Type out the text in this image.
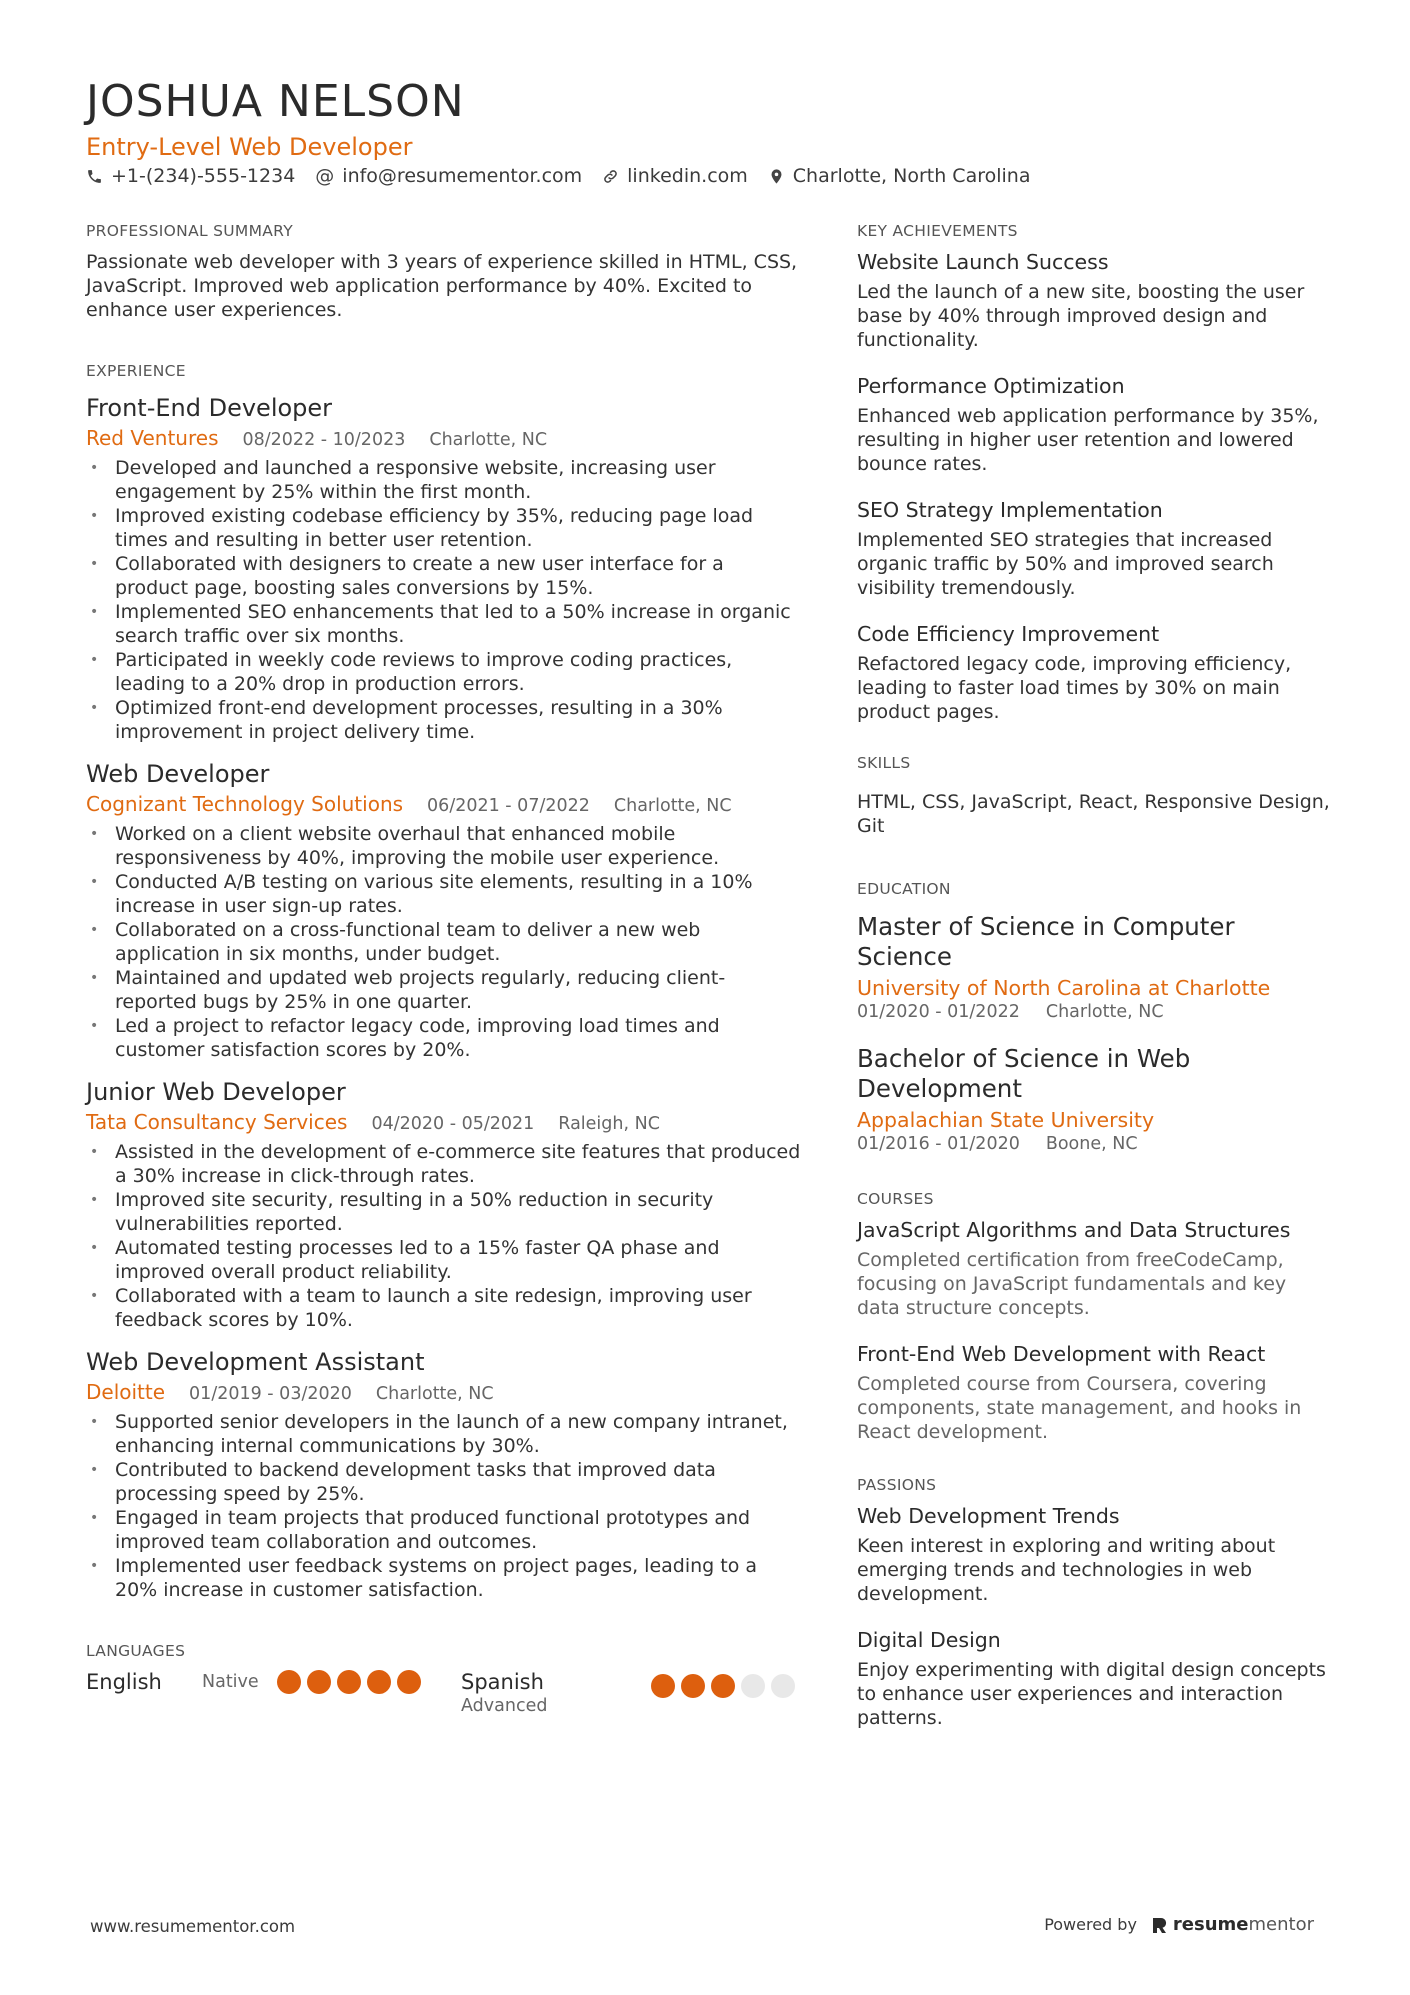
JOSHUA NELSON
Entry-Level Web Developer
+1-(234)-555-1234 @ info@resumementor.com linkedin.com Charlotte, North Carolina
PROFESSIONAL SUMMARY
Passionate web developer with 3 years of experience skilled in HTML, CSS, JavaScript. Improved web application performance by 40%. Excited to enhance user experiences.
EXPERIENCE
Front-End Developer
Red Ventures 08/2022 - 10/2023 Charlotte, NC
• Developed and launched a responsive website, increasing user engagement by 25% within the first month.
• Improved existing codebase efficiency by 35%, reducing page load times and resulting in better user retention.
• Collaborated with designers to create a new user interface for a product page, boosting sales conversions by 15%.
• Implemented SEO enhancements that led to a 50% increase in organic search traffic over six months.
• Participated in weekly code reviews to improve coding practices, leading to a 20% drop in production errors.
• Optimized front-end development processes, resulting in a 30% improvement in project delivery time.
Web Developer
Cognizant Technology Solutions 06/2021 - 07/2022 Charlotte, NC
• Worked on a client website overhaul that enhanced mobile responsiveness by 40%, improving the mobile user experience.
• Conducted A/B testing on various site elements, resulting in a 10% increase in user sign-up rates.
• Collaborated on a cross-functional team to deliver a new web application in six months, under budget.
• Maintained and updated web projects regularly, reducing client-reported bugs by 25% in one quarter.
• Led a project to refactor legacy code, improving load times and customer satisfaction scores by 20%.
Junior Web Developer
Tata Consultancy Services 04/2020 - 05/2021 Raleigh, NC
• Assisted in the development of e-commerce site features that produced a 30% increase in click-through rates.
• Improved site security, resulting in a 50% reduction in security vulnerabilities reported.
• Automated testing processes led to a 15% faster QA phase and improved overall product reliability.
• Collaborated with a team to launch a site redesign, improving user feedback scores by 10%.
Web Development Assistant
Deloitte 01/2019 - 03/2020 Charlotte, NC
• Supported senior developers in the launch of a new company intranet, enhancing internal communications by 30%.
• Contributed to backend development tasks that improved data processing speed by 25%.
• Engaged in team projects that produced functional prototypes and improved team collaboration and outcomes.
• Implemented user feedback systems on project pages, leading to a 20% increase in customer satisfaction.
LANGUAGES
English	Native	Spanish
Advanced
KEY ACHIEVEMENTS
Website Launch Success
Led the launch of a new site, boosting the user base by 40% through improved design and functionality.
Performance Optimization
Enhanced web application performance by 35%, resulting in higher user retention and lowered bounce rates.
SEO Strategy Implementation
Implemented SEO strategies that increased organic traffic by 50% and improved search visibility tremendously.
Code Efficiency Improvement
Refactored legacy code, improving efficiency, leading to faster load times by 30% on main product pages.
SKILLS
HTML, CSS, JavaScript, React, Responsive Design, Git
EDUCATION
Master of Science in Computer Science
University of North Carolina at Charlotte
01/2020 - 01/2022 Charlotte, NC
Bachelor of Science in Web Development
Appalachian State University
01/2016 - 01/2020 Boone, NC
COURSES
JavaScript Algorithms and Data Structures
Completed certification from freeCodeCamp, focusing on JavaScript fundamentals and key data structure concepts.
Front-End Web Development with React
Completed course from Coursera, covering components, state management, and hooks in React development.
PASSIONS
Web Development Trends
Keen interest in exploring and writing about emerging trends and technologies in web development.
Digital Design
Enjoy experimenting with digital design concepts to enhance user experiences and interaction patterns.
www.resumementor.com	Powered by resumementor
